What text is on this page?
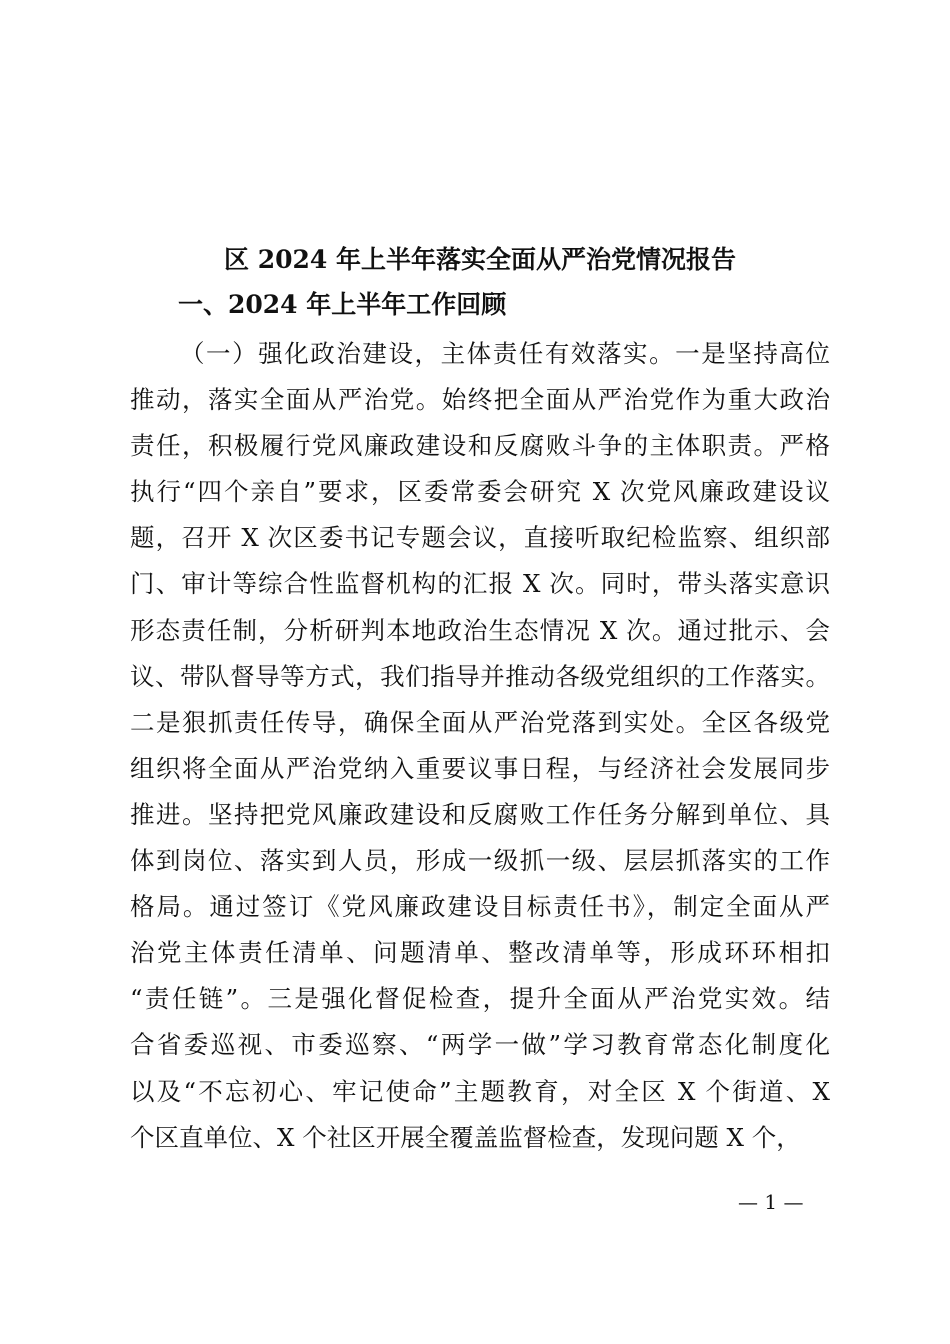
区 2024 年上半年落实全面从严治党情况报告
一、2024 年上半年工作回顾
（一）强化政治建设，主体责任有效落实。一是坚持高位
推动，落实全面从严治党。始终把全面从严治党作为重大政治
责任，积极履行党风廉政建设和反腐败斗争的主体职责。严格
执行“四个亲自”要求，区委常委会研究 X 次党风廉政建设议
题，召开 X 次区委书记专题会议，直接听取纪检监察、组织部
门、审计等综合性监督机构的汇报 X 次。同时，带头落实意识
形态责任制，分析研判本地政治生态情况 X 次。通过批示、会
议、带队督导等方式，我们指导并推动各级党组织的工作落实。
二是狠抓责任传导，确保全面从严治党落到实处。全区各级党
组织将全面从严治党纳入重要议事日程，与经济社会发展同步
推进。坚持把党风廉政建设和反腐败工作任务分解到单位、具
体到岗位、落实到人员，形成一级抓一级、层层抓落实的工作
格局。通过签订《党风廉政建设目标责任书》，制定全面从严
治党主体责任清单、问题清单、整改清单等，形成环环相扣
“责任链”。三是强化督促检查，提升全面从严治党实效。结
合省委巡视、市委巡察、“两学一做”学习教育常态化制度化
以及“不忘初心、牢记使命”主题教育，对全区 X 个街道、X
个区直单位、X 个社区开展全覆盖监督检查，发现问题 X 个，
— 1 —
